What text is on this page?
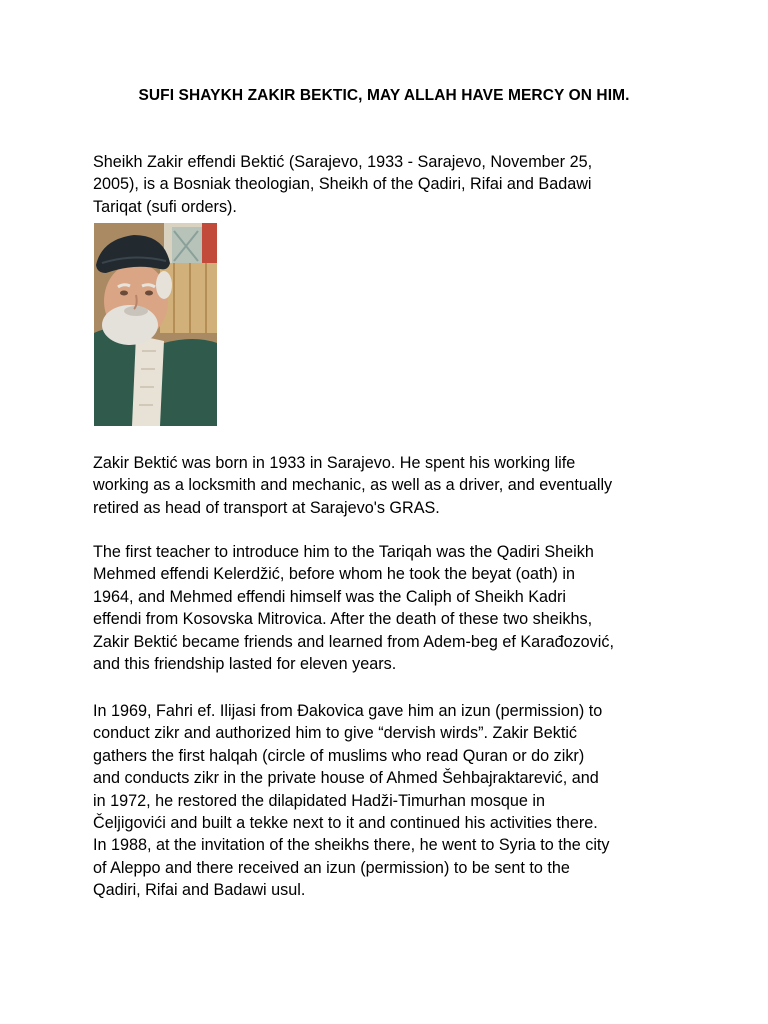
SUFI SHAYKH ZAKIR BEKTIC, MAY ALLAH HAVE MERCY ON HIM.

Sheikh Zakir effendi Bektić (Sarajevo, 1933 - Sarajevo, November 25,
2005), is a Bosniak theologian, Sheikh of the Qadiri, Rifai and Badawi
Tariqat (sufi orders).

Zakir Bektić was born in 1933 in Sarajevo. He spent his working life
working as a locksmith and mechanic, as well as a driver, and eventually
retired as head of transport at Sarajevo's GRAS.

The first teacher to introduce him to the Tariqah was the Qadiri Sheikh
Mehmed effendi Kelerdžić, before whom he took the beyat (oath) in
1964, and Mehmed effendi himself was the Caliph of Sheikh Kadri
effendi from Kosovska Mitrovica. After the death of these two sheikhs,
Zakir Bektić became friends and learned from Adem-beg ef Karađozović,
and this friendship lasted for eleven years.

In 1969, Fahri ef. Ilijasi from Đakovica gave him an izun (permission) to
conduct zikr and authorized him to give “dervish wirds”. Zakir Bektić
gathers the first halqah (circle of muslims who read Quran or do zikr)
and conducts zikr in the private house of Ahmed Šehbajraktarević, and
in 1972, he restored the dilapidated Hadži-Timurhan mosque in
Čeljigovići and built a tekke next to it and continued his activities there.
In 1988, at the invitation of the sheikhs there, he went to Syria to the city
of Aleppo and there received an izun (permission) to be sent to the
Qadiri, Rifai and Badawi usul.
